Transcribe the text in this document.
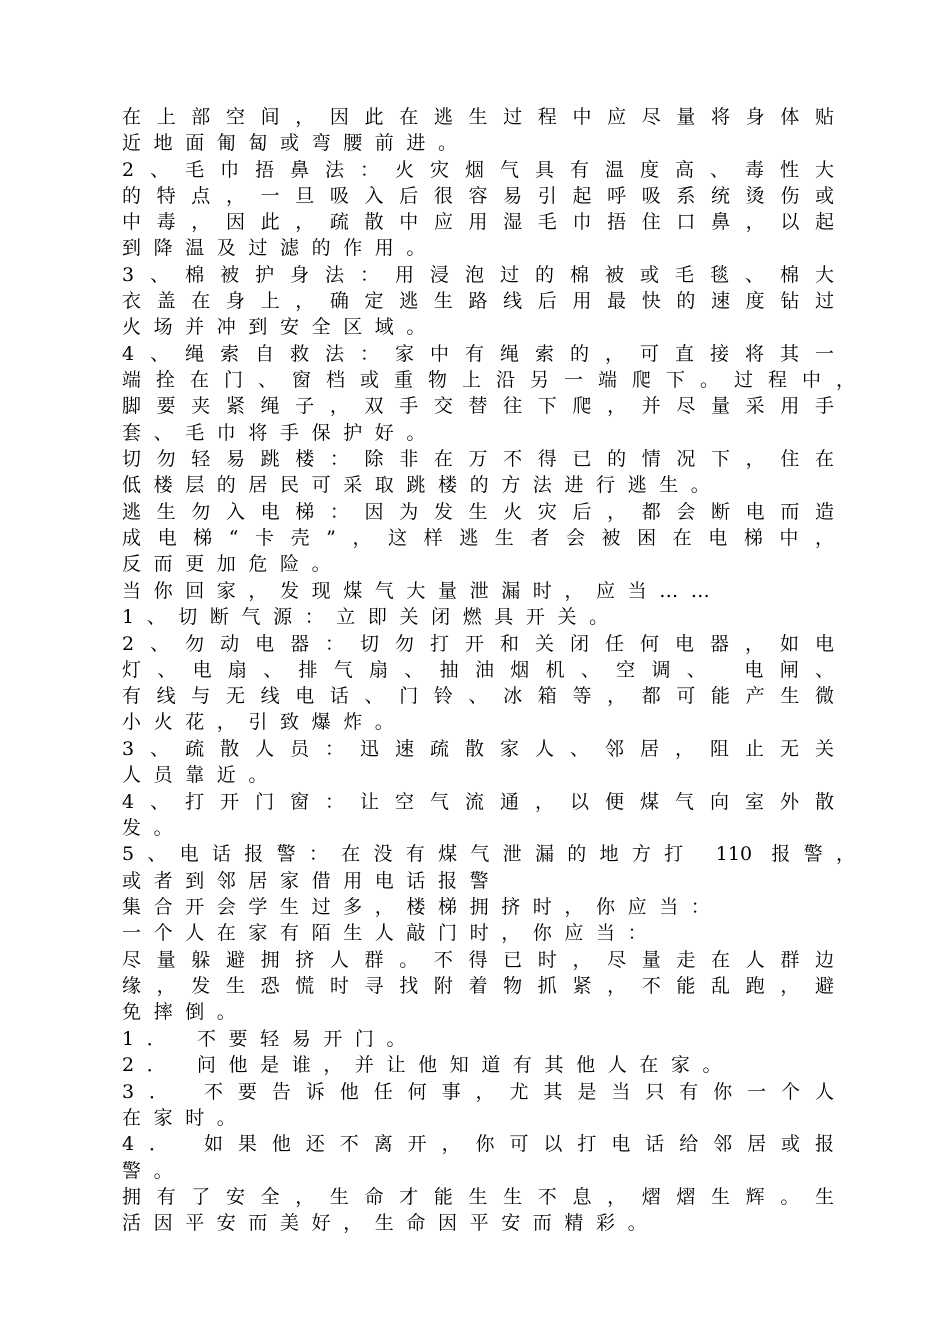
在上部空间，因此在逃生过程中应尽量将身体贴
近地面匍匐或弯腰前进。
2、毛巾捂鼻法：火灾烟气具有温度高、毒性大
的特点，一旦吸入后很容易引起呼吸系统烫伤或
中毒，因此，疏散中应用湿毛巾捂住口鼻，以起
到降温及过滤的作用。
3、棉被护身法：用浸泡过的棉被或毛毯、棉大
衣盖在身上，确定逃生路线后用最快的速度钻过
火场并冲到安全区域。
4、绳索自救法：家中有绳索的，可直接将其一
端拴在门、窗档或重物上沿另一端爬下。过程中，
脚要夹紧绳子，双手交替往下爬，并尽量采用手
套、毛巾将手保护好。
切勿轻易跳楼：除非在万不得已的情况下，住在
低楼层的居民可采取跳楼的方法进行逃生。
逃生勿入电梯：因为发生火灾后，都会断电而造
成电梯“卡壳”，这样逃生者会被困在电梯中，
反而更加危险。
当你回家，发现煤气大量泄漏时，应当……
1、切断气源：立即关闭燃具开关。
2、勿动电器：切勿打开和关闭任何电器，如电
灯、电扇、排气扇、抽油烟机、空调、 电闸、
有线与无线电话、门铃、冰箱等，都可能产生微
小火花，引致爆炸。
3、疏散人员：迅速疏散家人、邻居，阻止无关
人员靠近。
4、打开门窗：让空气流通，以便煤气向室外散
发。
5、电话报警：在没有煤气泄漏的地方打 110 报警，
或者到邻居家借用电话报警
集合开会学生过多，楼梯拥挤时，你应当：
一个人在家有陌生人敲门时，你应当：
尽量躲避拥挤人群。不得已时，尽量走在人群边
缘，发生恐慌时寻找附着物抓紧，不能乱跑，避
免摔倒。
1． 不要轻易开门。
2． 问他是谁，并让他知道有其他人在家。
3． 不要告诉他任何事，尤其是当只有你一个人
在家时。
4． 如果他还不离开，你可以打电话给邻居或报
警。
拥有了安全，生命才能生生不息，熠熠生辉。生
活因平安而美好，生命因平安而精彩。
